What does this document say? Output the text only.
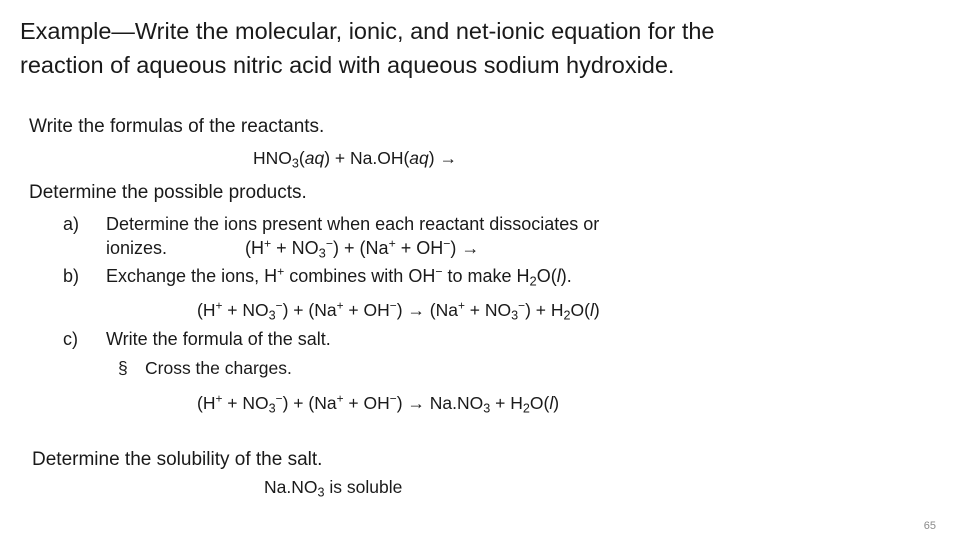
Example—Write the molecular, ionic, and net-ionic equation for the
reaction of aqueous nitric acid with aqueous sodium hydroxide.
Write the formulas of the reactants.
$HNO_3(aq) + Na.OH(aq)$ →
Determine the possible products.
a) Determine the ions present when each reactant dissociates or
ionizes.	$(H^+ + NO_3^-) + (Na^+ + OH^-)$ →
b) Exchange the ions, H+ combines with OH− to make $H_2O(l)$.
$(H^+ + NO_3^-) + (Na^+ + OH^-) \to (Na^+ + NO_3^-) + H_2O(l)$
c) Write the formula of the salt.
§ Cross the charges.
$(H^+ + NO_3^-) + (Na^+ + OH^-) \to Na.NO_3 + H_2O(l)$
Determine the solubility of the salt.
$Na.NO_3$ is soluble
65
